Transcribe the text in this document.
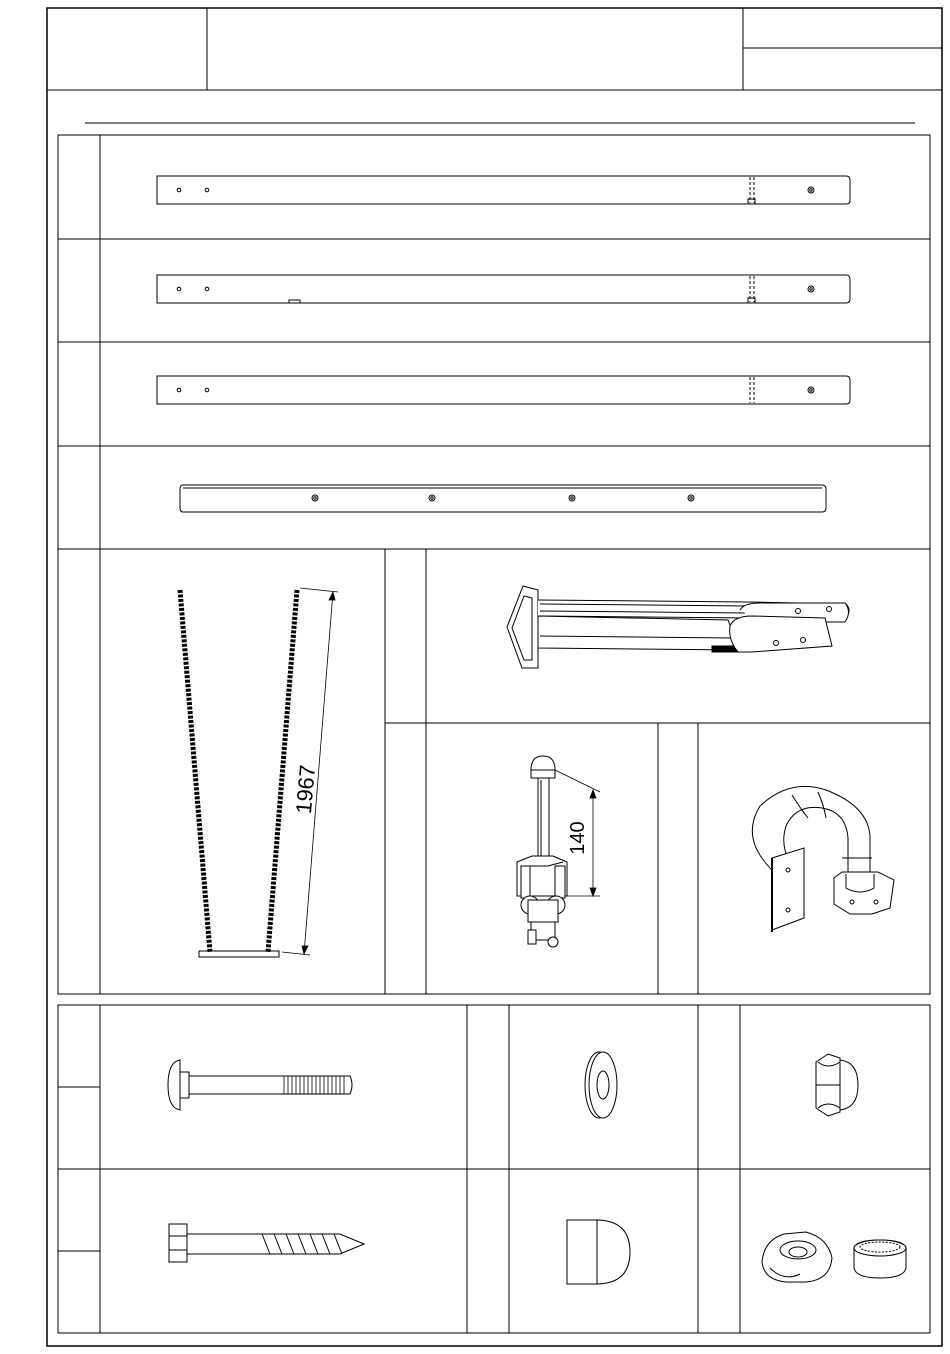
1967
140
